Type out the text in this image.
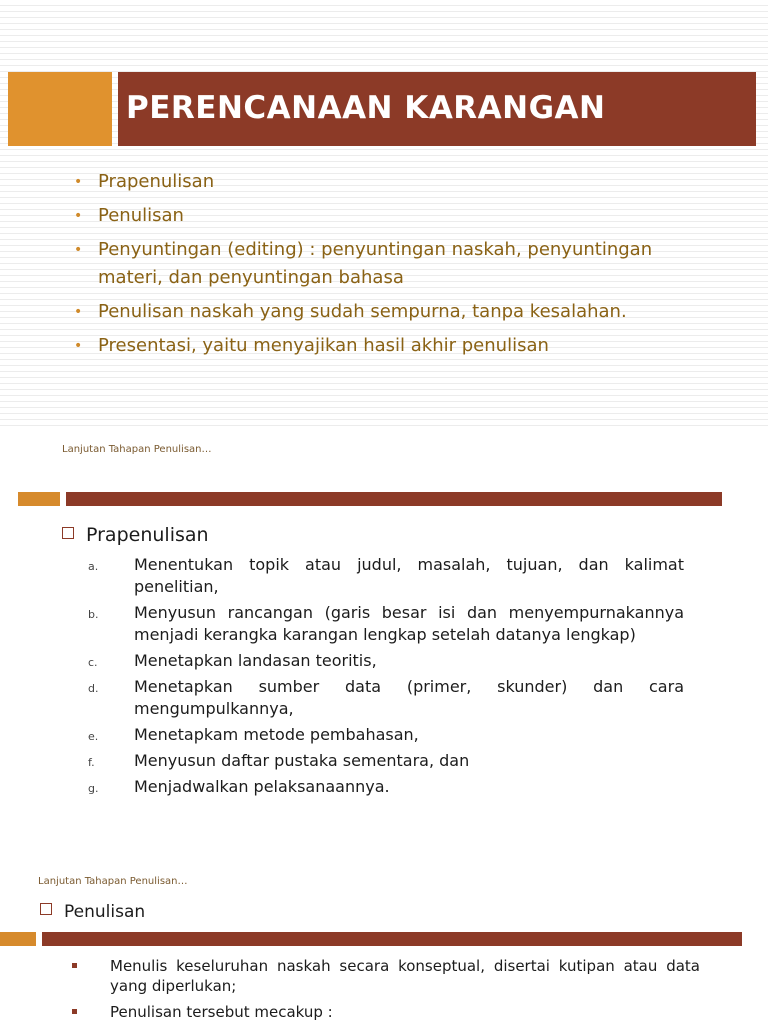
PERENCANAAN KARANGAN
• Prapenulisan
• Penulisan
• Penyuntingan (editing) : penyuntingan naskah, penyuntingan materi, dan penyuntingan bahasa
• Penulisan naskah yang sudah sempurna, tanpa kesalahan.
• Presentasi, yaitu menyajikan hasil akhir penulisan
Lanjutan Tahapan Penulisan…
Prapenulisan
a. Menentukan topik atau judul, masalah, tujuan, dan kalimat penelitian,
b. Menyusun rancangan (garis besar isi dan menyempurnakannya menjadi kerangka karangan lengkap setelah datanya lengkap)
c. Menetapkan landasan teoritis,
d. Menetapkan sumber data (primer, skunder) dan cara mengumpulkannya,
e. Menetapkam metode pembahasan,
f. Menyusun daftar pustaka sementara, dan
g. Menjadwalkan pelaksanaannya.
Lanjutan Tahapan Penulisan…
Penulisan
Menulis keseluruhan naskah secara konseptual, disertai kutipan atau data yang diperlukan;
Penulisan tersebut mecakup :
